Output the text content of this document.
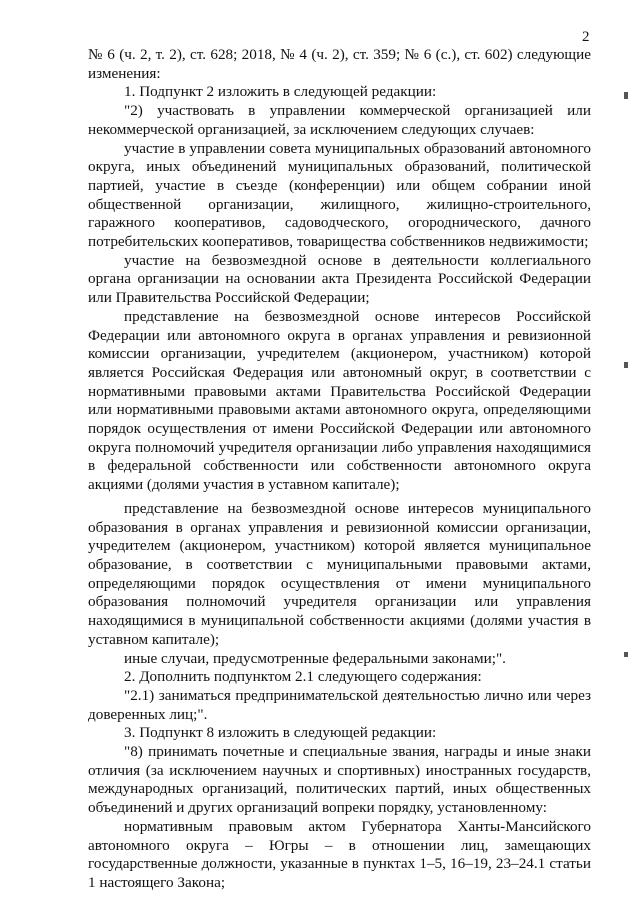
2

№ 6 (ч. 2, т. 2), ст. 628; 2018, № 4 (ч. 2), ст. 359; № 6 (с.), ст. 602) следующие изменения:

1. Подпункт 2 изложить в следующей редакции:

"2) участвовать в управлении коммерческой организацией или некоммерческой организацией, за исключением следующих случаев:

участие в управлении совета муниципальных образований автономного округа, иных объединений муниципальных образований, политической партией, участие в съезде (конференции) или общем собрании иной общественной организации, жилищного, жилищно-строительного, гаражного кооперативов, садоводческого, огороднического, дачного потребительских кооперативов, товарищества собственников недвижимости;

участие на безвозмездной основе в деятельности коллегиального органа организации на основании акта Президента Российской Федерации или Правительства Российской Федерации;

представление на безвозмездной основе интересов Российской Федерации или автономного округа в органах управления и ревизионной комиссии организации, учредителем (акционером, участником) которой является Российская Федерация или автономный округ, в соответствии с нормативными правовыми актами Правительства Российской Федерации или нормативными правовыми актами автономного округа, определяющими порядок осуществления от имени Российской Федерации или автономного округа полномочий учредителя организации либо управления находящимися в федеральной собственности или собственности автономного округа акциями (долями участия в уставном капитале);

представление на безвозмездной основе интересов муниципального образования в органах управления и ревизионной комиссии организации, учредителем (акционером, участником) которой является муниципальное образование, в соответствии с муниципальными правовыми актами, определяющими порядок осуществления от имени муниципального образования полномочий учредителя организации или управления находящимися в муниципальной собственности акциями (долями участия в уставном капитале);

иные случаи, предусмотренные федеральными законами;".

2. Дополнить подпунктом 2.1 следующего содержания:

"2.1) заниматься предпринимательской деятельностью лично или через доверенных лиц;".

3. Подпункт 8 изложить в следующей редакции:

"8) принимать почетные и специальные звания, награды и иные знаки отличия (за исключением научных и спортивных) иностранных государств, международных организаций, политических партий, иных общественных объединений и других организаций вопреки порядку, установленному:

нормативным правовым актом Губернатора Ханты-Мансийского автономного округа – Югры – в отношении лиц, замещающих государственные должности, указанные в пунктах 1–5, 16–19, 23–24.1 статьи 1 настоящего Закона;
